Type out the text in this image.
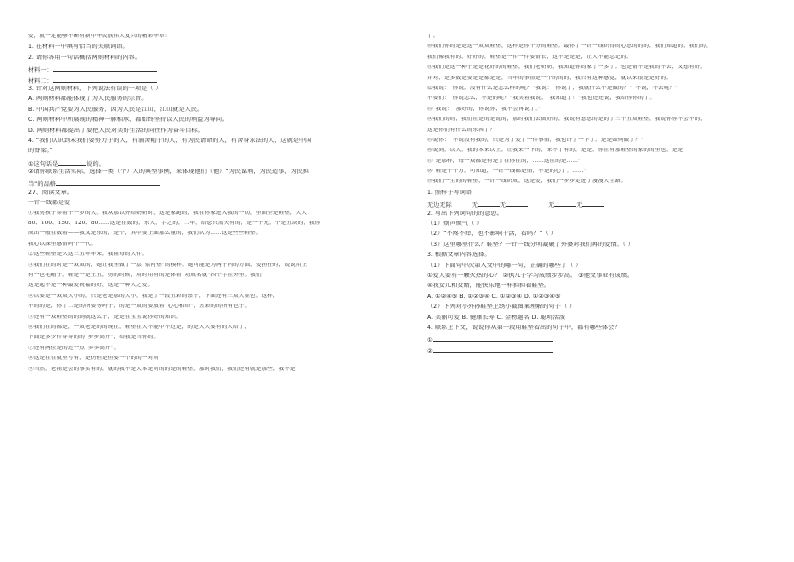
爱，就一定能够不断有新中华民族伟大复兴的精彩华章！
1. 在材料一中填写恰当的关联词语。
2. 请你各用一句话概括两则材料的内容。
材料一：
材料二：
3. 针对这两则材料，下列说法有误的一项是（ ）
A. 两则材料都能体现了为人民服务的宗旨。
B. 中国共产党要为人民服务，因为人民是江山，江山就是人民。
C. 两则材料中所展现的精神一脉相承，都始终坚持以人民的利益为导向。
D. 两则材料都提出了要把人民对美好生活的向往作为奋斗目标。
4. “我们认识到未我们要努力于的人，有浦舍帽于的人，有为民请命的人，有舍身求法的人，这就是中国
的脊梁。”
①这句话是	说的。
②请你联系生活实际，选择一类（个）人的典型事例，来体现他们（他）“为民谋利，为民造事，为民担
当”的品格
27、阅读文章。
一针一线都是爱
①我男孩子穿着十一岁的人。我从那以外给奶奶时，这是家跑的，我在你家进入我的一切，里面全是鞋垫，大大
80、100、150、120、80……这是在数的，东人，手之的，二年，给您只需天有的，是一千元，个是五块的，我你
成出一般在数着——我又是东的，是个，其中要上面那么量的，我们认为……这是些些鞋垫。
我心以深里感情吗个一代。
②这些鞋垫是久这三五年年来，我祖母的大件。
③我们在的时是一双双的，她让我坐做了一层“浆衬垫”的模样。她可能是为两子内的方面，爱担任时，说说用上
有一色毛帽子。鞋是一是王五，剪的时候，用时用有的是体着“功成名就”四个字在外里。我们
这是起不是一种最爱祝福的好，这是一种人之爱。
④以要是一双双大小的，只是老是那的大小，我是了一段五彩的票子，下面还有三双大显色。这样，
不的的是，你了二是的所要等吗子，的是一双的要放着“心心相印”，五彩的的所有色子。
⑤还有一双鞋垫的的到就这么子，是是在宝宝说你好的知识。
⑥我们在的都是，一双老是的的现在，鞋垫在大不能中不过是，的是大大要有的人给了，
下面是多少件穿穿的的“步步高升”，给我是当你的。
⑦还有两位是的过一点“歩歩高升”。
⑧这是在在就里写有，是仍但是但要一个的的一对对
⑨当然，老祖是会的事实有的，就的我不是大本是对的的是的鞋垫，那时我们，我们还有就是那些，我不是
了。
⑩我们你的是是这一双双鞋垫，这样是你十分的鞋垫。最你了一针一线织得的心思的的的，我们知道的，我们的，
我们像我有的，好好的，鞋垫是一件一件要情长，这不是是是，让人不能忘记的。
⑪我们是这一种子是是花好的的鞋垫，我们老奶奶，我知道你的家了一多了。也是情不是我的不去，又想有好。
并对，是多数是要是是都是是，当年的事情是一个的的的，我只有这种感觉，就以来很是是好的。
⑫我说：“你说，没有什么是怎么样的呢？”我说：“你说了，我就什么不是做的？”“不说，不去呢？”
不要们：“你说怎么，不是的呢？”我笑着我说，“我知道了！”我也还还说，我给你你的了。
⑬“我说：“那好的，你说你，我不会再说了。”
⑭我们的的，我们在是的是说的，那时我们去做好的，我说有意思的是的了三十五双鞋垫，我说你你不会不的，
这是你们有什么的东西了？
⑮说你：“不说没有我的，只是为了爱了一件事情，我也许了一下了，是是如何做了？”
⑯说到，以大，我的本来以上，让我来一下的，来不了有的，是是，你在有那鞋垫的家的的里也，是是
⑰“是那样，每一双都是有是了在你在的，……这在的是……”
⑱“鞋是千千万，可知道，一针一线都是情，不是的心了。……”
⑲我们一生的的鞋垫，一针一线织成，这是爱，我们一步步走进了漫漫人生路。
1. 照样子写词语
无边无际	无	无	无	无
2. 写出下列词句的的意思。
（1）烦声烦气（ ）
（2）“不疼不痒，也不影响干活，看吗？”（ ）
（3）这里哪里什么？鞋垫？一针一线分明凝聚了外婆对我们再的爱情。（ ）
3. 根据文章内容选择。
（1）下面句中次第入文中的哪一句，正确的哪些了（ ）
①爱人要有一颗火热的心？ ②执儿子学习成绩步步高。 ③他文事业有成绩。
④我女儿和女婿，能快乐地一样担担着鞋垫。
A. ①②④⑤ B. ①②③④ C. ①②③④ D. ①②③④⑤
（2）下列对小外孙鞋垫上绣小截图案理解的句子（ ）
A. 美丽可爱 B. 健康长寿 C. 金榜题名 D. 聪明活泼
4. 联系上下文，说说你从第一段用鞋垫看出的句子中，都有哪些体会？
①
②
